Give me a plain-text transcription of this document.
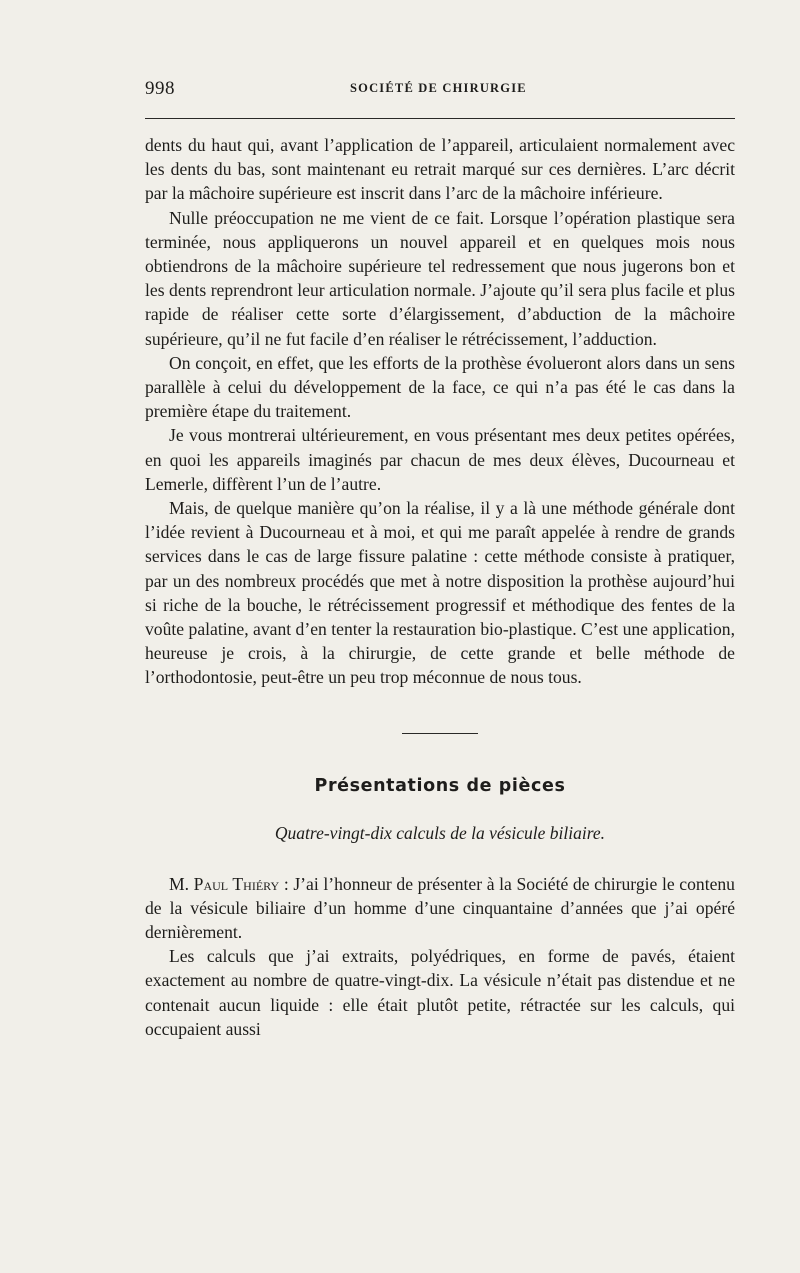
998	SOCIÉTÉ DE CHIRURGIE

dents du haut qui, avant l’application de l’appareil, articulaient normalement avec les dents du bas, sont maintenant eu retrait marqué sur ces dernières. L’arc décrit par la mâchoire supérieure est inscrit dans l’arc de la mâchoire inférieure.

Nulle préoccupation ne me vient de ce fait. Lorsque l’opération plastique sera terminée, nous appliquerons un nouvel appareil et en quelques mois nous obtiendrons de la mâchoire supérieure tel redressement que nous jugerons bon et les dents reprendront leur articulation normale. J’ajoute qu’il sera plus facile et plus rapide de réaliser cette sorte d’élargissement, d’abduction de la mâchoire supérieure, qu’il ne fut facile d’en réaliser le rétrécissement, l’adduction.

On conçoit, en effet, que les efforts de la prothèse évolueront alors dans un sens parallèle à celui du développement de la face, ce qui n’a pas été le cas dans la première étape du traitement.

Je vous montrerai ultérieurement, en vous présentant mes deux petites opérées, en quoi les appareils imaginés par chacun de mes deux élèves, Ducourneau et Lemerle, diffèrent l’un de l’autre.

Mais, de quelque manière qu’on la réalise, il y a là une méthode générale dont l’idée revient à Ducourneau et à moi, et qui me paraît appelée à rendre de grands services dans le cas de large fissure palatine : cette méthode consiste à pratiquer, par un des nombreux procédés que met à notre disposition la prothèse aujourd’hui si riche de la bouche, le rétrécissement progressif et méthodique des fentes de la voûte palatine, avant d’en tenter la restauration bio-plastique. C’est une application, heureuse je crois, à la chirurgie, de cette grande et belle méthode de l’orthodontosie, peut-être un peu trop méconnue de nous tous.

Présentations de pièces
Quatre-vingt-dix calculs de la vésicule biliaire.

M. Paul Thiéry : J’ai l’honneur de présenter à la Société de chirurgie le contenu de la vésicule biliaire d’un homme d’une cinquantaine d’années que j’ai opéré dernièrement.

Les calculs que j’ai extraits, polyédriques, en forme de pavés, étaient exactement au nombre de quatre-vingt-dix. La vésicule n’était pas distendue et ne contenait aucun liquide : elle était plutôt petite, rétractée sur les calculs, qui occupaient aussi
